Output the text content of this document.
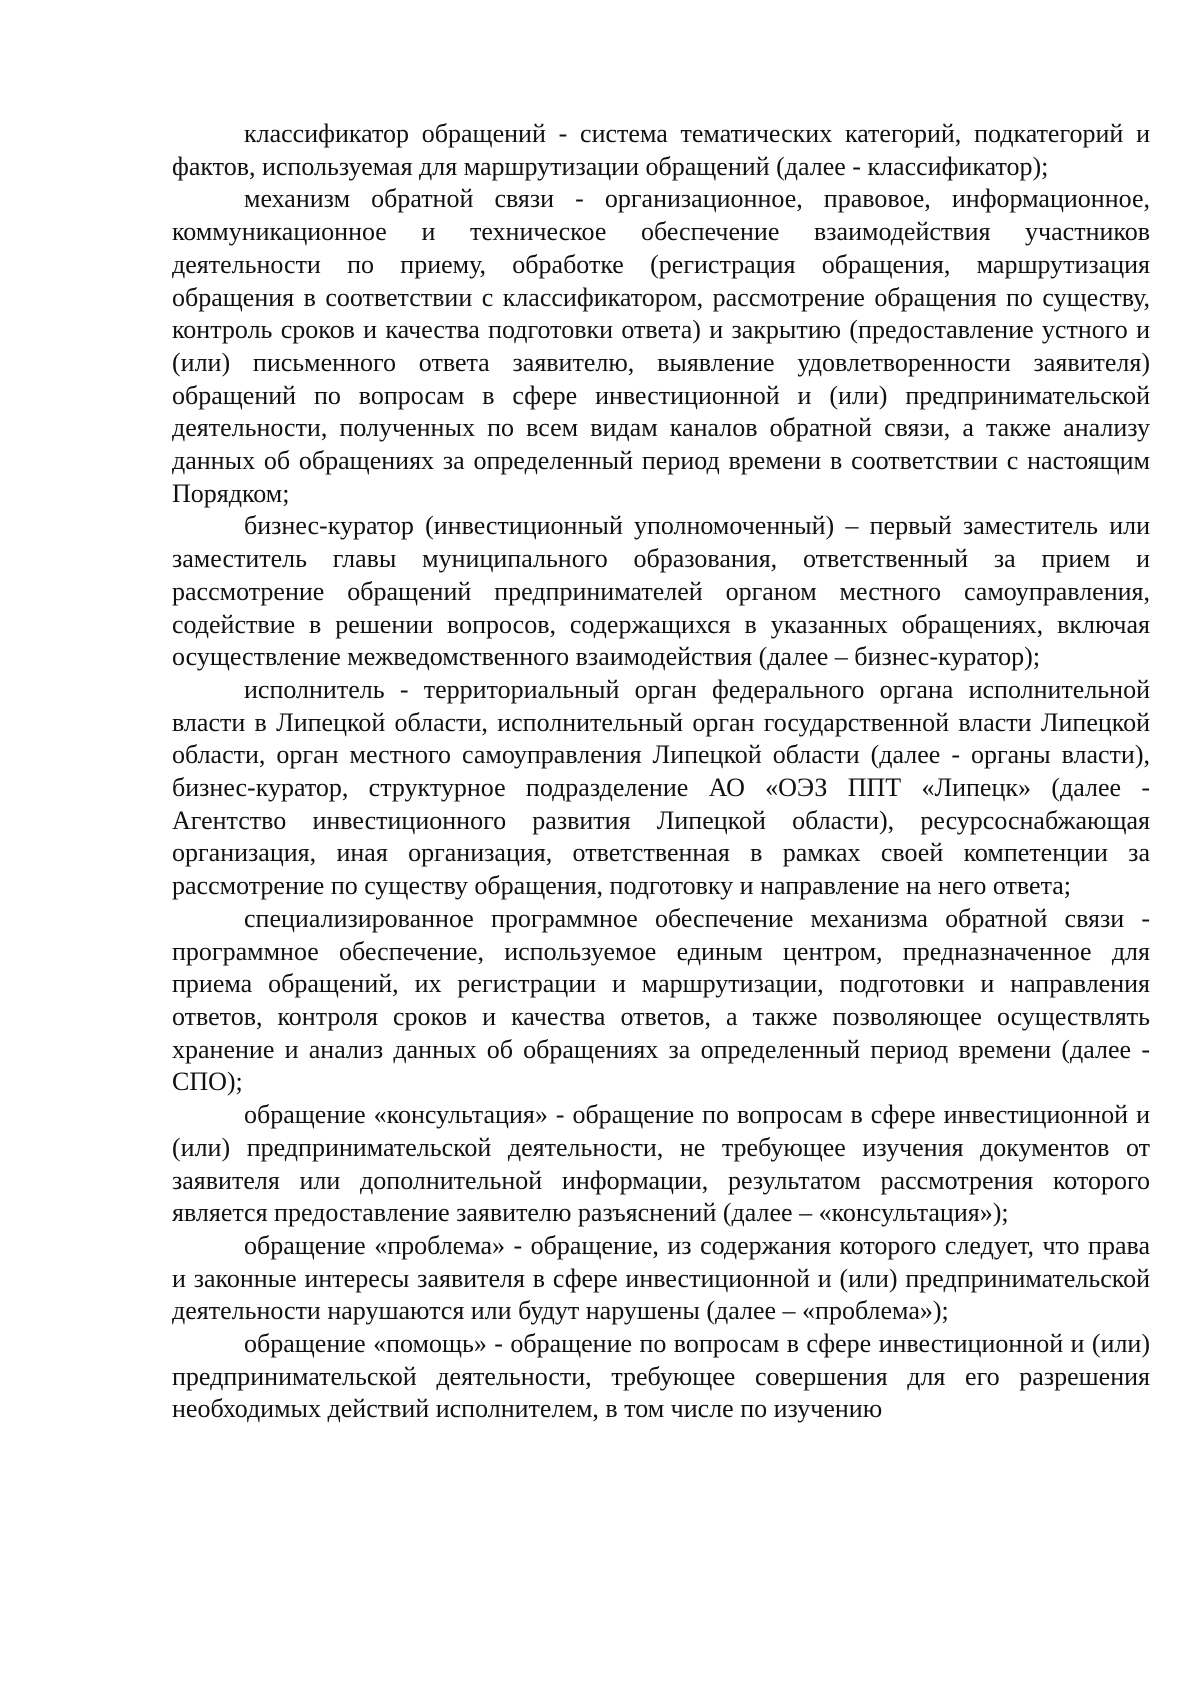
классификатор обращений - система тематических категорий, подкатегорий и фактов, используемая для маршрутизации обращений (далее - классификатор);

механизм обратной связи - организационное, правовое, информационное, коммуникационное и техническое обеспечение взаимодействия участников деятельности по приему, обработке (регистрация обращения, маршрутизация обращения в соответствии с классификатором, рассмотрение обращения по существу, контроль сроков и качества подготовки ответа) и закрытию (предоставление устного и (или) письменного ответа заявителю, выявление удовлетворенности заявителя) обращений по вопросам в сфере инвестиционной и (или) предпринимательской деятельности, полученных по всем видам каналов обратной связи, а также анализу данных об обращениях за определенный период времени в соответствии с настоящим Порядком;

бизнес-куратор (инвестиционный уполномоченный) – первый заместитель или заместитель главы муниципального образования, ответственный за прием и рассмотрение обращений предпринимателей органом местного самоуправления, содействие в решении вопросов, содержащихся в указанных обращениях, включая осуществление межведомственного взаимодействия (далее – бизнес-куратор);

исполнитель - территориальный орган федерального органа исполнительной власти в Липецкой области, исполнительный орган государственной власти Липецкой области, орган местного самоуправления Липецкой области (далее - органы власти), бизнес-куратор, структурное подразделение АО «ОЭЗ ППТ «Липецк» (далее - Агентство инвестиционного развития Липецкой области), ресурсоснабжающая организация, иная организация, ответственная в рамках своей компетенции за рассмотрение по существу обращения, подготовку и направление на него ответа;

специализированное программное обеспечение механизма обратной связи - программное обеспечение, используемое единым центром, предназначенное для приема обращений, их регистрации и маршрутизации, подготовки и направления ответов, контроля сроков и качества ответов, а также позволяющее осуществлять хранение и анализ данных об обращениях за определенный период времени (далее - СПО);

обращение «консультация» - обращение по вопросам в сфере инвестиционной и (или) предпринимательской деятельности, не требующее изучения документов от заявителя или дополнительной информации, результатом рассмотрения которого является предоставление заявителю разъяснений (далее – «консультация»);

обращение «проблема» - обращение, из содержания которого следует, что права и законные интересы заявителя в сфере инвестиционной и (или) предпринимательской деятельности нарушаются или будут нарушены (далее – «проблема»);

обращение «помощь» - обращение по вопросам в сфере инвестиционной и (или) предпринимательской деятельности, требующее совершения для его разрешения необходимых действий исполнителем, в том числе по изучению
